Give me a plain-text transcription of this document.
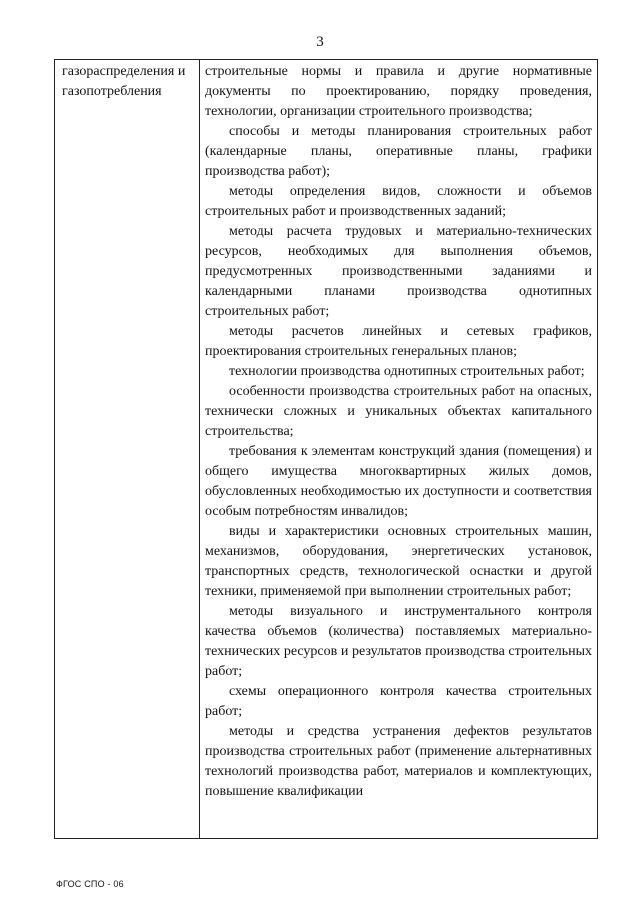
3
газораспределения и газопотребления

строительные нормы и правила и другие нормативные документы по проектированию, порядку проведения, технологии, организации строительного производства;

способы и методы планирования строительных работ (календарные планы, оперативные планы, графики производства работ);

методы определения видов, сложности и объемов строительных работ и производственных заданий;

методы расчета трудовых и материально-технических ресурсов, необходимых для выполнения объемов, предусмотренных производственными заданиями и календарными планами производства однотипных строительных работ;

методы расчетов линейных и сетевых графиков, проектирования строительных генеральных планов;

технологии производства однотипных строительных работ;

особенности производства строительных работ на опасных, технически сложных и уникальных объектах капитального строительства;

требования к элементам конструкций здания (помещения) и общего имущества многоквартирных жилых домов, обусловленных необходимостью их доступности и соответствия особым потребностям инвалидов;

виды и характеристики основных строительных машин, механизмов, оборудования, энергетических установок, транспортных средств, технологической оснастки и другой техники, применяемой при выполнении строительных работ;

методы визуального и инструментального контроля качества объемов (количества) поставляемых материально-технических ресурсов и результатов производства строительных работ;

схемы операционного контроля качества строительных работ;

методы и средства устранения дефектов результатов производства строительных работ (применение альтернативных технологий производства работ, материалов и комплектующих, повышение квалификации

ФГОС СПО - 06
